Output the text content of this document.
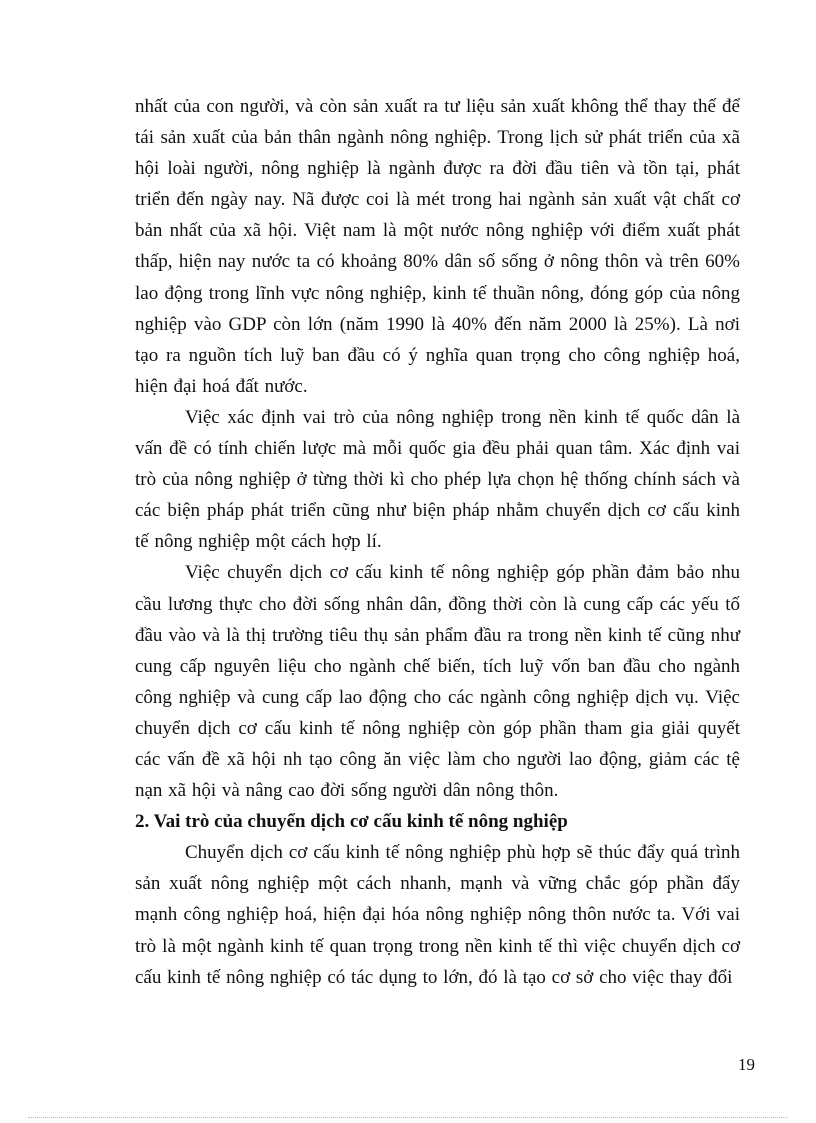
nhất của con người, và còn sản xuất ra tư liệu sản xuất không thể thay thế để tái sản xuất của bản thân ngành nông nghiệp. Trong lịch sử phát triển của xã hội loài người, nông nghiệp là ngành được ra đời đầu tiên và tồn tại, phát triển đến ngày nay. Nã được coi là mét trong hai ngành sản xuất vật chất cơ bản nhất của xã hội. Việt nam là một nước nông nghiệp với điểm xuất phát thấp, hiện nay nước ta có khoảng 80% dân số sống ở nông thôn và trên 60% lao động trong lĩnh vực nông nghiệp, kinh tế thuần nông, đóng góp của nông nghiệp vào GDP còn lớn (năm 1990 là 40% đến năm 2000 là 25%). Là nơi tạo ra nguồn tích luỹ ban đầu có ý nghĩa quan trọng cho công nghiệp hoá, hiện đại hoá đất nước.

Việc xác định vai trò của nông nghiệp trong nền kinh tế quốc dân là vấn đề có tính chiến lược mà mỗi quốc gia đều phải quan tâm. Xác định vai trò của nông nghiệp ở từng thời kì cho phép lựa chọn hệ thống chính sách và các biện pháp phát triển cũng như biện pháp nhằm chuyển dịch cơ cấu kinh tế nông nghiệp một cách hợp lí.

Việc chuyển dịch cơ cấu kinh tế nông nghiệp góp phần đảm bảo nhu cầu lương thực cho đời sống nhân dân, đồng thời còn là cung cấp các yếu tố đầu vào và là thị trường tiêu thụ sản phẩm đầu ra trong nền kinh tế cũng như cung cấp nguyên liệu cho ngành chế biến, tích luỹ vốn ban đầu cho ngành công nghiệp và cung cấp lao động cho các ngành công nghiệp dịch vụ. Việc chuyển dịch cơ cấu kinh tế nông nghiệp còn góp phần tham gia giải quyết các vấn đề xã hội nh tạo công ăn việc làm cho người lao động, giảm các tệ nạn xã hội và nâng cao đời sống người dân nông thôn.

2. Vai trò của chuyển dịch cơ cấu kinh tế nông nghiệp

Chuyển dịch cơ cấu kinh tế nông nghiệp phù hợp sẽ thúc đẩy quá trình sản xuất nông nghiệp một cách nhanh, mạnh và vững chắc góp phần đẩy mạnh công nghiệp hoá, hiện đại hóa nông nghiệp nông thôn nước ta. Với vai trò là một ngành kinh tế quan trọng trong nền kinh tế thì việc chuyển dịch cơ cấu kinh tế nông nghiệp có tác dụng to lớn, đó là tạo cơ sở cho việc thay đổi

19
